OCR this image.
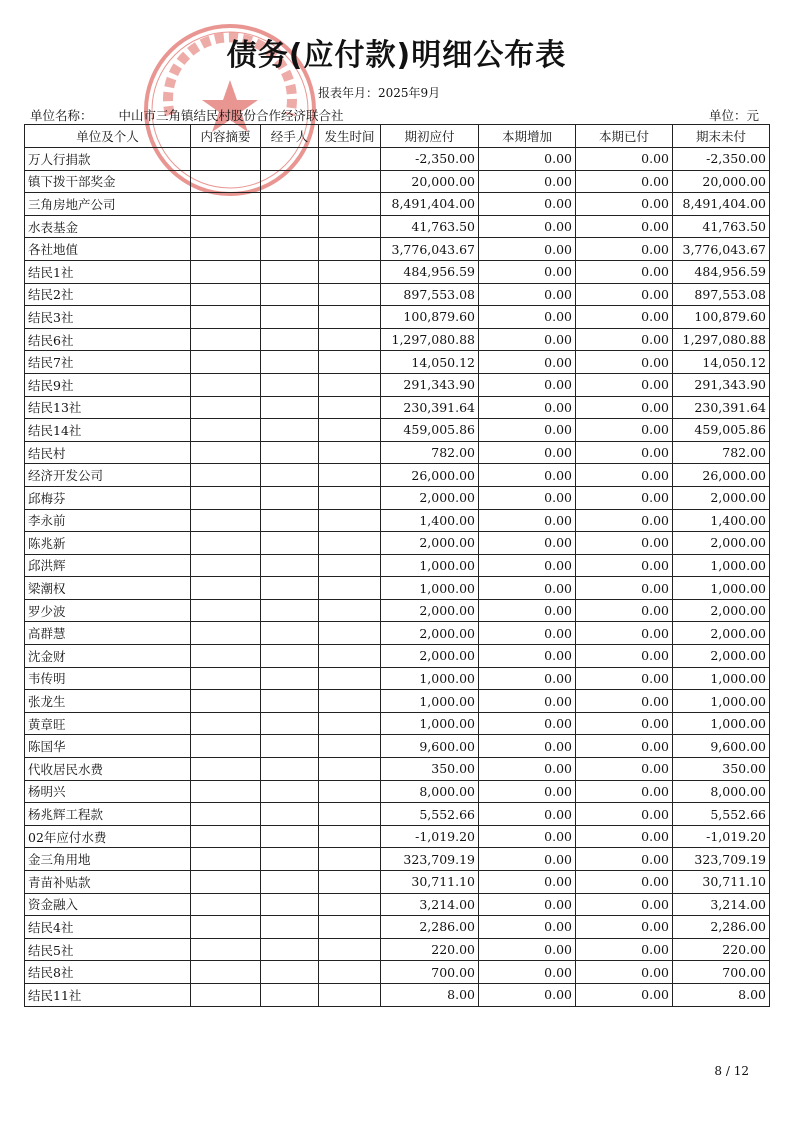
债务(应付款)明细公布表
报表年月：2025年9月
单位名称： 中山市三角镇结民村股份合作经济联合社	单位：元
单位及个人	内容摘要	经手人	发生时间	期初应付	本期增加	本期已付	期末未付
万人行捐款				-2,350.00	0.00	0.00	-2,350.00
镇下拨干部奖金				20,000.00	0.00	0.00	20,000.00
三角房地产公司				8,491,404.00	0.00	0.00	8,491,404.00
水表基金				41,763.50	0.00	0.00	41,763.50
各社地值				3,776,043.67	0.00	0.00	3,776,043.67
结民1社				484,956.59	0.00	0.00	484,956.59
结民2社				897,553.08	0.00	0.00	897,553.08
结民3社				100,879.60	0.00	0.00	100,879.60
结民6社				1,297,080.88	0.00	0.00	1,297,080.88
结民7社				14,050.12	0.00	0.00	14,050.12
结民9社				291,343.90	0.00	0.00	291,343.90
结民13社				230,391.64	0.00	0.00	230,391.64
结民14社				459,005.86	0.00	0.00	459,005.86
结民村				782.00	0.00	0.00	782.00
经济开发公司				26,000.00	0.00	0.00	26,000.00
邱梅芬				2,000.00	0.00	0.00	2,000.00
李永前				1,400.00	0.00	0.00	1,400.00
陈兆新				2,000.00	0.00	0.00	2,000.00
邱洪辉				1,000.00	0.00	0.00	1,000.00
梁潮权				1,000.00	0.00	0.00	1,000.00
罗少波				2,000.00	0.00	0.00	2,000.00
高群慧				2,000.00	0.00	0.00	2,000.00
沈金财				2,000.00	0.00	0.00	2,000.00
韦传明				1,000.00	0.00	0.00	1,000.00
张龙生				1,000.00	0.00	0.00	1,000.00
黄章旺				1,000.00	0.00	0.00	1,000.00
陈国华				9,600.00	0.00	0.00	9,600.00
代收居民水费				350.00	0.00	0.00	350.00
杨明兴				8,000.00	0.00	0.00	8,000.00
杨兆辉工程款				5,552.66	0.00	0.00	5,552.66
02年应付水费				-1,019.20	0.00	0.00	-1,019.20
金三角用地				323,709.19	0.00	0.00	323,709.19
青苗补贴款				30,711.10	0.00	0.00	30,711.10
资金融入				3,214.00	0.00	0.00	3,214.00
结民4社				2,286.00	0.00	0.00	2,286.00
结民5社				220.00	0.00	0.00	220.00
结民8社				700.00	0.00	0.00	700.00
结民11社				8.00	0.00	0.00	8.00
8 / 12
